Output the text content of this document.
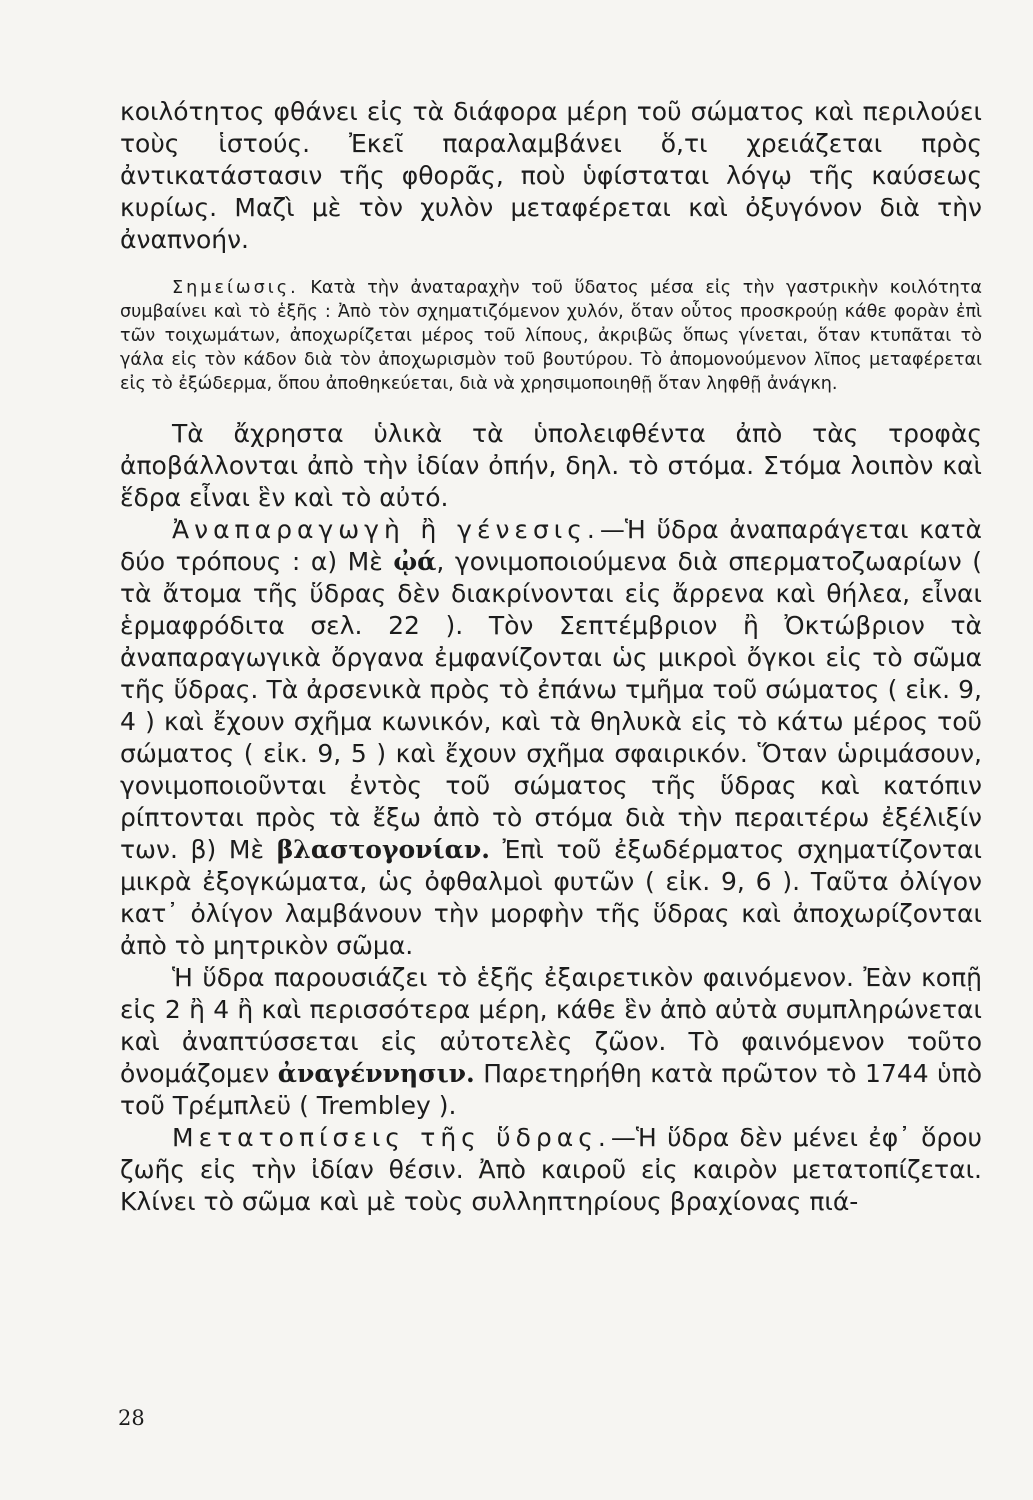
κοιλότητος φθάνει εἰς τὰ διάφορα μέρη τοῦ σώματος καὶ περιλούει τοὺς ἱστούς. Ἐκεῖ παραλαμβάνει ὅ,τι χρειάζεται πρὸς ἀντικατάστασιν τῆς φθορᾶς, ποὺ ὑφίσταται λόγῳ τῆς καύσεως κυρίως. Μαζὶ μὲ τὸν χυλὸν μεταφέρεται καὶ ὀξυγόνον διὰ τὴν ἀναπνοήν.

Σημείωσις. Κατὰ τὴν ἀναταραχὴν τοῦ ὕδατος μέσα εἰς τὴν γαστρικὴν κοιλότητα συμβαίνει καὶ τὸ ἑξῆς : Ἀπὸ τὸν σχηματιζόμενον χυλόν, ὅταν οὗτος προσκρούῃ κάθε φορὰν ἐπὶ τῶν τοιχωμάτων, ἀποχωρίζεται μέρος τοῦ λίπους, ἀκριβῶς ὅπως γίνεται, ὅταν κτυπᾶται τὸ γάλα εἰς τὸν κάδον διὰ τὸν ἀποχωρισμὸν τοῦ βουτύρου. Τὸ ἀπομονούμενον λῖπος μεταφέρεται εἰς τὸ ἐξώδερμα, ὅπου ἀποθηκεύεται, διὰ νὰ χρησιμοποιηθῇ ὅταν ληφθῇ ἀνάγκη.

Τὰ ἄχρηστα ὑλικὰ τὰ ὑπολειφθέντα ἀπὸ τὰς τροφὰς ἀποβάλλονται ἀπὸ τὴν ἰδίαν ὀπήν, δηλ. τὸ στόμα. Στόμα λοιπὸν καὶ ἕδρα εἶναι ἓν καὶ τὸ αὐτό.

Ἀναπαραγωγὴ ἢ γένεσις.—Ἡ ὕδρα ἀναπαράγεται κατὰ δύο τρόπους : α) Μὲ ᾠά, γονιμοποιούμενα διὰ σπερματοζωαρίων ( τὰ ἄτομα τῆς ὕδρας δὲν διακρίνονται εἰς ἄρρενα καὶ θήλεα, εἶναι ἑρμαφρόδιτα σελ. 22 ). Τὸν Σεπτέμβριον ἢ Ὀκτώβριον τὰ ἀναπαραγωγικὰ ὄργανα ἐμφανίζονται ὡς μικροὶ ὄγκοι εἰς τὸ σῶμα τῆς ὕδρας. Τὰ ἀρσενικὰ πρὸς τὸ ἐπάνω τμῆμα τοῦ σώματος ( εἰκ. 9, 4 ) καὶ ἔχουν σχῆμα κωνικόν, καὶ τὰ θηλυκὰ εἰς τὸ κάτω μέρος τοῦ σώματος ( εἰκ. 9, 5 ) καὶ ἔχουν σχῆμα σφαιρικόν. Ὅταν ὡριμάσουν, γονιμοποιοῦνται ἐντὸς τοῦ σώματος τῆς ὕδρας καὶ κατόπιν ρίπτονται πρὸς τὰ ἔξω ἀπὸ τὸ στόμα διὰ τὴν περαιτέρω ἐξέλιξίν των. β) Μὲ βλαστογονίαν. Ἐπὶ τοῦ ἐξωδέρματος σχηματίζονται μικρὰ ἐξογκώματα, ὡς ὀφθαλμοὶ φυτῶν ( εἰκ. 9, 6 ). Ταῦτα ὀλίγον κατ᾿ ὀλίγον λαμβάνουν τὴν μορφὴν τῆς ὕδρας καὶ ἀποχωρίζονται ἀπὸ τὸ μητρικὸν σῶμα.

Ἡ ὕδρα παρουσιάζει τὸ ἑξῆς ἐξαιρετικὸν φαινόμενον. Ἐὰν κοπῇ εἰς 2 ἢ 4 ἢ καὶ περισσότερα μέρη, κάθε ἓν ἀπὸ αὐτὰ συμπληρώνεται καὶ ἀναπτύσσεται εἰς αὐτοτελὲς ζῶον. Τὸ φαινόμενον τοῦτο ὀνομάζομεν ἀναγέννησιν. Παρετηρήθη κατὰ πρῶτον τὸ 1744 ὑπὸ τοῦ Τρέμπλεϋ ( Trembley ).

Μετατοπίσεις τῆς ὕδρας.—Ἡ ὕδρα δὲν μένει ἐφ᾿ ὅρου ζωῆς εἰς τὴν ἰδίαν θέσιν. Ἀπὸ καιροῦ εἰς καιρὸν μετατοπίζεται. Κλίνει τὸ σῶμα καὶ μὲ τοὺς συλληπτηρίους βραχίονας πιά-

28
